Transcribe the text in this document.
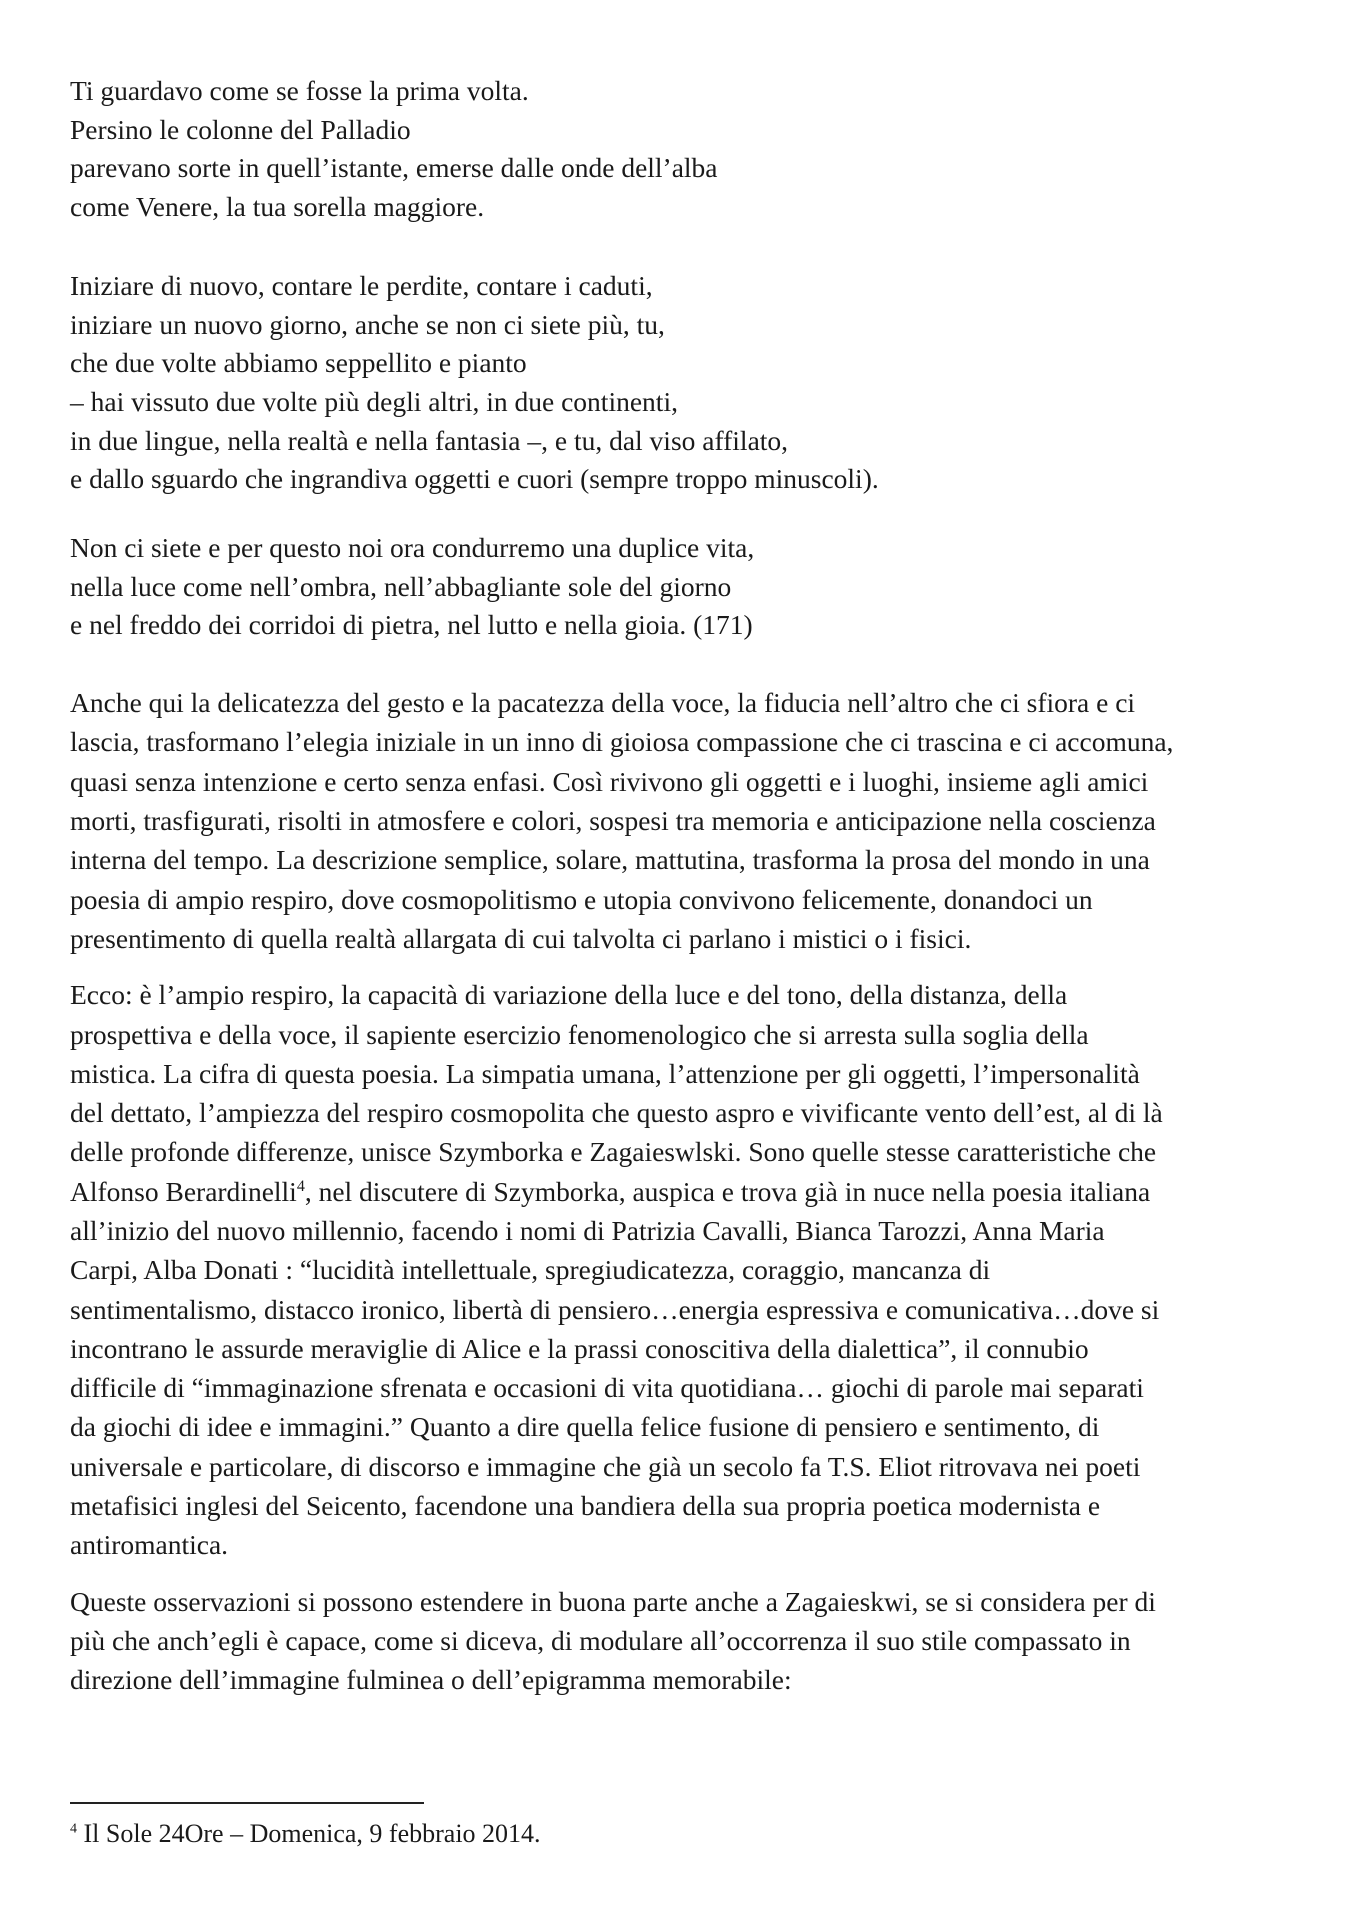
Ti guardavo come se fosse la prima volta.
Persino le colonne del Palladio
parevano sorte in quell’istante, emerse dalle onde dell’alba
come Venere, la tua sorella maggiore.
Iniziare di nuovo, contare le perdite, contare i caduti,
iniziare un nuovo giorno, anche se non ci siete più, tu,
che due volte abbiamo seppellito e pianto
– hai vissuto due volte più degli altri, in due continenti,
in due lingue, nella realtà e nella fantasia –, e tu, dal viso affilato,
e dallo sguardo che ingrandiva oggetti e cuori (sempre troppo minuscoli).
Non ci siete e per questo noi ora condurremo una duplice vita,
nella luce come nell’ombra, nell’abbagliante sole del giorno
e nel freddo dei corridoi di pietra, nel lutto e nella gioia. (171)
Anche qui la delicatezza del gesto e la pacatezza della voce, la fiducia nell’altro che ci sfiora e ci
lascia, trasformano l’elegia iniziale in un inno di gioiosa compassione che ci trascina e ci accomuna,
quasi senza intenzione e certo senza enfasi. Così rivivono gli oggetti e i luoghi, insieme agli amici
morti, trasfigurati, risolti in atmosfere e colori, sospesi tra memoria e anticipazione nella coscienza
interna del tempo. La descrizione semplice, solare, mattutina, trasforma la prosa del mondo in una
poesia di ampio respiro, dove cosmopolitismo e utopia convivono felicemente, donandoci un
presentimento di quella realtà allargata di cui talvolta ci parlano i mistici o i fisici.
Ecco: è l’ampio respiro, la capacità di variazione della luce e del tono, della distanza, della
prospettiva e della voce, il sapiente esercizio fenomenologico che si arresta sulla soglia della
mistica. La cifra di questa poesia. La simpatia umana, l’attenzione per gli oggetti, l’impersonalità
del dettato, l’ampiezza del respiro cosmopolita che questo aspro e vivificante vento dell’est, al di là
delle profonde differenze, unisce Szymborka e Zagaieswlski. Sono quelle stesse caratteristiche che
Alfonso Berardinelli$^4$, nel discutere di Szymborka, auspica e trova già in nuce nella poesia italiana
all’inizio del nuovo millennio, facendo i nomi di Patrizia Cavalli, Bianca Tarozzi, Anna Maria
Carpi, Alba Donati : “lucidità intellettuale, spregiudicatezza, coraggio, mancanza di
sentimentalismo, distacco ironico, libertà di pensiero…energia espressiva e comunicativa…dove si
incontrano le assurde meraviglie di Alice e la prassi conoscitiva della dialettica”, il connubio
difficile di “immaginazione sfrenata e occasioni di vita quotidiana… giochi di parole mai separati
da giochi di idee e immagini.” Quanto a dire quella felice fusione di pensiero e sentimento, di
universale e particolare, di discorso e immagine che già un secolo fa T.S. Eliot ritrovava nei poeti
metafisici inglesi del Seicento, facendone una bandiera della sua propria poetica modernista e
antiromantica.
Queste osservazioni si possono estendere in buona parte anche a Zagaieskwi, se si considera per di
più che anch’egli è capace, come si diceva, di modulare all’occorrenza il suo stile compassato in
direzione dell’immagine fulminea o dell’epigramma memorabile:
$^4$ Il Sole 24Ore – Domenica, 9 febbraio 2014.
